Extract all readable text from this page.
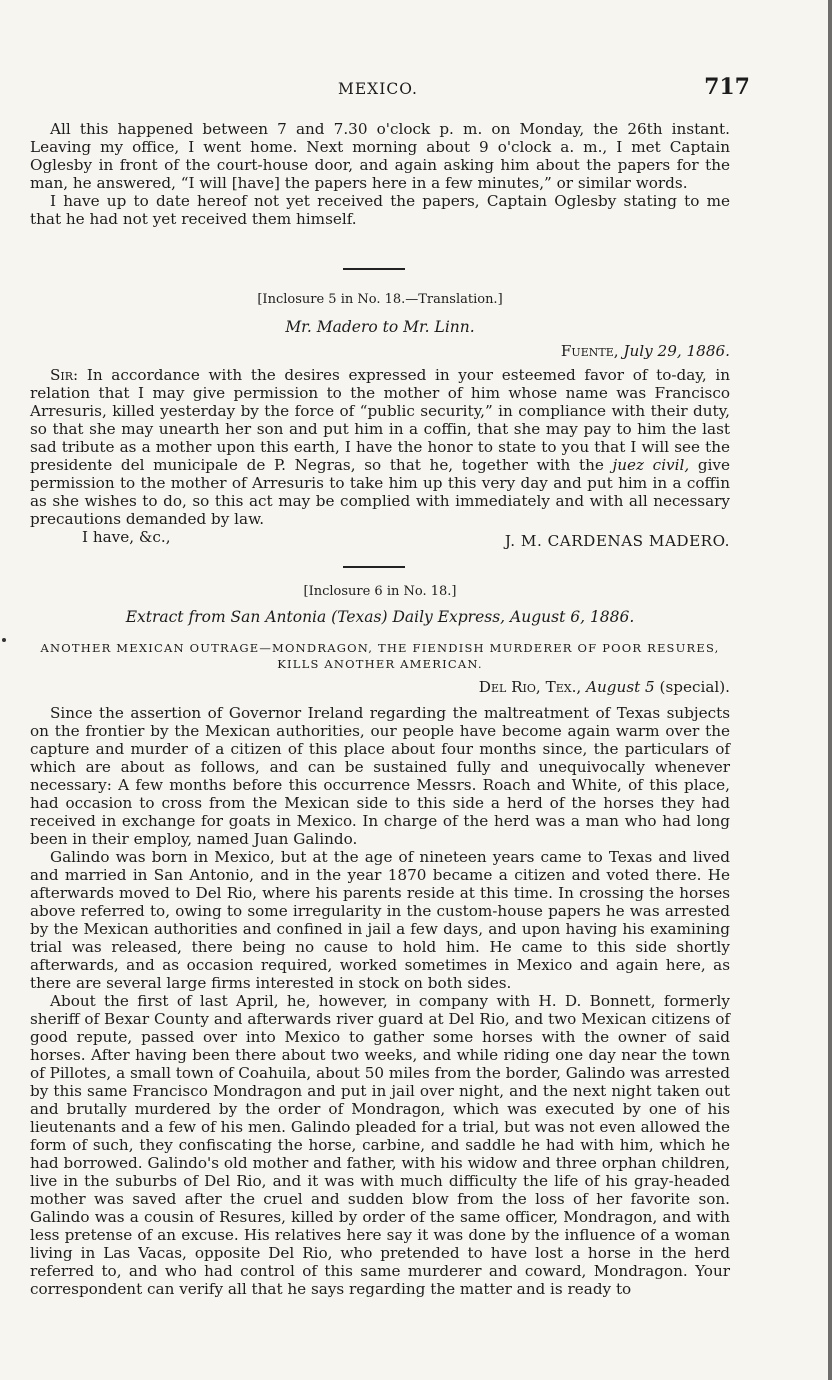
MEXICO.	717

All this happened between 7 and 7.30 o'clock p. m. on Monday, the 26th instant. Leaving my office, I went home. Next morning about 9 o'clock a. m., I met Captain Oglesby in front of the court-house door, and again asking him about the papers for the man, he answered, “I will [have] the papers here in a few minutes,” or similar words.

I have up to date hereof not yet received the papers, Captain Oglesby stating to me that he had not yet received them himself.

[Inclosure 5 in No. 18.—Translation.]
Mr. Madero to Mr. Linn.
Fuente, July 29, 1886.

Sir: In accordance with the desires expressed in your esteemed favor of to-day, in relation that I may give permission to the mother of him whose name was Francisco Arresuris, killed yesterday by the force of “public security,” in compliance with their duty, so that she may unearth her son and put him in a coffin, that she may pay to him the last sad tribute as a mother upon this earth, I have the honor to state to you that I will see the presidente del municipale de P. Negras, so that he, together with the juez civil, give permission to the mother of Arresuris to take him up this very day and put him in a coffin as she wishes to do, so this act may be complied with immediately and with all necessary precautions demanded by law.

I have, &c.,	J. M. CARDENAS MADERO.
[Inclosure 6 in No. 18.]
Extract from San Antonia (Texas) Daily Express, August 6, 1886.
ANOTHER MEXICAN OUTRAGE—MONDRAGON, THE FIENDISH MURDERER OF POOR RESURES, KILLS ANOTHER AMERICAN.
Del Rio, Tex., August 5 (special).

Since the assertion of Governor Ireland regarding the maltreatment of Texas subjects on the frontier by the Mexican authorities, our people have become again warm over the capture and murder of a citizen of this place about four months since, the particulars of which are about as follows, and can be sustained fully and unequivocally whenever necessary: A few months before this occurrence Messrs. Roach and White, of this place, had occasion to cross from the Mexican side to this side a herd of the horses they had received in exchange for goats in Mexico. In charge of the herd was a man who had long been in their employ, named Juan Galindo.

Galindo was born in Mexico, but at the age of nineteen years came to Texas and lived and married in San Antonio, and in the year 1870 became a citizen and voted there. He afterwards moved to Del Rio, where his parents reside at this time. In crossing the horses above referred to, owing to some irregularity in the custom-house papers he was arrested by the Mexican authorities and confined in jail a few days, and upon having his examining trial was released, there being no cause to hold him. He came to this side shortly afterwards, and as occasion required, worked sometimes in Mexico and again here, as there are several large firms interested in stock on both sides.

About the first of last April, he, however, in company with H. D. Bonnett, formerly sheriff of Bexar County and afterwards river guard at Del Rio, and two Mexican citizens of good repute, passed over into Mexico to gather some horses with the owner of said horses. After having been there about two weeks, and while riding one day near the town of Pillotes, a small town of Coahuila, about 50 miles from the border, Galindo was arrested by this same Francisco Mondragon and put in jail over night, and the next night taken out and brutally murdered by the order of Mondragon, which was executed by one of his lieutenants and a few of his men. Galindo pleaded for a trial, but was not even allowed the form of such, they confiscating the horse, carbine, and saddle he had with him, which he had borrowed. Galindo's old mother and father, with his widow and three orphan children, live in the suburbs of Del Rio, and it was with much difficulty the life of his gray-headed mother was saved after the cruel and sudden blow from the loss of her favorite son. Galindo was a cousin of Resures, killed by order of the same officer, Mondragon, and with less pretense of an excuse. His relatives here say it was done by the influence of a woman living in Las Vacas, opposite Del Rio, who pretended to have lost a horse in the herd referred to, and who had control of this same murderer and coward, Mondragon. Your correspondent can verify all that he says regarding the matter and is ready to
